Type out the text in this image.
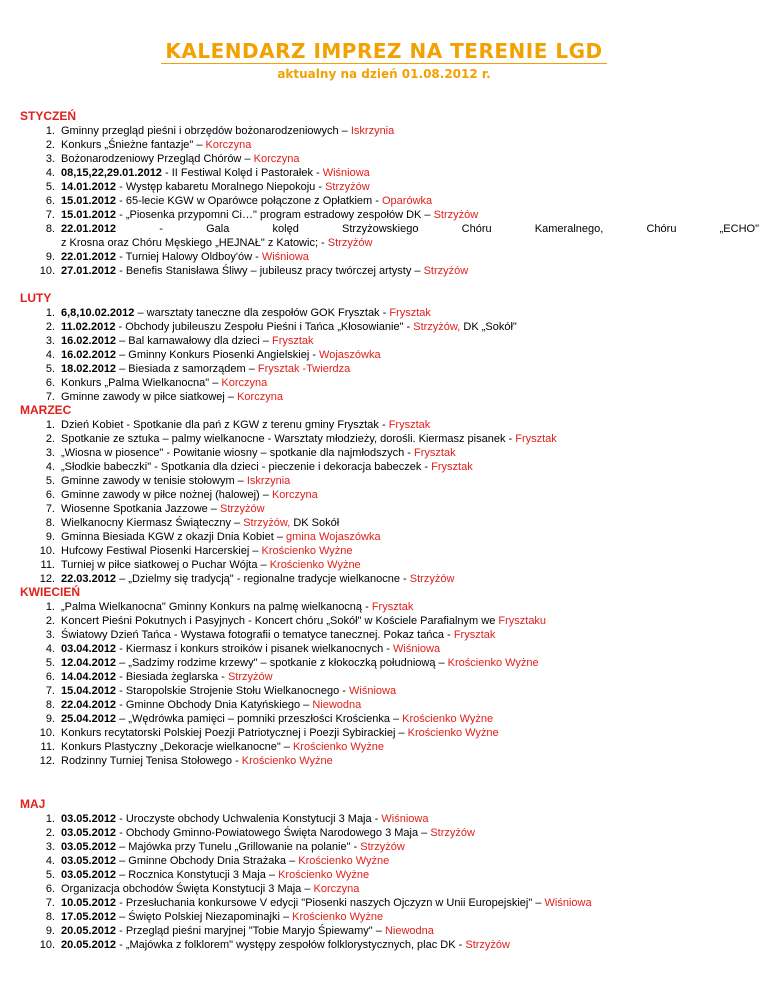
KALENDARZ IMPREZ NA TERENIE LGD
aktualny na dzień 01.08.2012 r.
STYCZEŃ
1. Gminny przegląd pieśni i obrzędów bożonarodzeniowych – Iskrzynia
2. Konkurs „Śnieżne fantazje" – Korczyna
3. Bożonarodzeniowy Przegląd Chórów – Korczyna
4. 08,15,22,29.01.2012 - II Festiwal Kolęd i Pastorałek - Wiśniowa
5. 14.01.2012 - Występ kabaretu Moralnego Niepokoju - Strzyżów
6. 15.01.2012 - 65-lecie KGW w Oparówce połączone z Opłatkiem - Oparówka
7. 15.01.2012 - „Piosenka przypomni Ci…" program estradowy zespołów DK – Strzyżów
8. 22.01.2012	-	Gala	kolęd	Strzyżowskiego	Chóru	Kameralnego,	Chóru	„ECHO"
z Krosna oraz Chóru Męskiego „HEJNAŁ" z Katowic; - Strzyżów
9. 22.01.2012 - Turniej Halowy Oldboy'ów - Wiśniowa
10. 27.01.2012 - Benefis Stanisława Śliwy – jubileusz pracy twórczej artysty – Strzyżów
LUTY
1. 6,8,10.02.2012 – warsztaty taneczne dla zespołów GOK Frysztak - Frysztak
2. 11.02.2012 - Obchody jubileuszu Zespołu Pieśni i Tańca „Kłosowianie" - Strzyżów, DK „Sokół"
3. 16.02.2012 – Bal karnawałowy dla dzieci – Frysztak
4. 16.02.2012 – Gminny Konkurs Piosenki Angielskiej - Wojaszówka
5. 18.02.2012 – Biesiada z samorządem – Frysztak -Twierdza
6. Konkurs „Palma Wielkanocna" – Korczyna
7. Gminne zawody w piłce siatkowej – Korczyna
MARZEC
1. Dzień Kobiet - Spotkanie dla pań z KGW z terenu gminy Frysztak - Frysztak
2. Spotkanie ze sztuka – palmy wielkanocne - Warsztaty młodzieży, dorośli. Kiermasz pisanek - Frysztak
3. „Wiosna w piosence" - Powitanie wiosny – spotkanie dla najmłodszych - Frysztak
4. „Słodkie babeczki" - Spotkania dla dzieci - pieczenie i dekoracja babeczek - Frysztak
5. Gminne zawody w tenisie stołowym – Iskrzynia
6. Gminne zawody w piłce nożnej (halowej) – Korczyna
7. Wiosenne Spotkania Jazzowe – Strzyżów
8. Wielkanocny Kiermasz Świąteczny – Strzyżów, DK Sokół
9. Gminna Biesiada KGW z okazji Dnia Kobiet – gmina Wojaszówka
10. Hufcowy Festiwal Piosenki Harcerskiej – Krościenko Wyżne
11. Turniej w piłce siatkowej o Puchar Wójta – Krościenko Wyżne
12. 22.03.2012 – „Dzielmy się tradycją" - regionalne tradycje wielkanocne - Strzyżów
KWIECIEŃ
1. „Palma Wielkanocna" Gminny Konkurs na palmę wielkanocną - Frysztak
2. Koncert Pieśni Pokutnych i Pasyjnych - Koncert chóru „Sokół" w Kościele Parafialnym we Frysztaku
3. Światowy Dzień Tańca - Wystawa fotografii o tematyce tanecznej. Pokaz tańca - Frysztak
4. 03.04.2012 - Kiermasz i konkurs stroików i pisanek wielkanocnych - Wiśniowa
5. 12.04.2012 – „Sadzimy rodzime krzewy" – spotkanie z kłokoczką południową – Krościenko Wyżne
6. 14.04.2012 - Biesiada żeglarska - Strzyżów
7. 15.04.2012 - Staropolskie Strojenie Stołu Wielkanocnego - Wiśniowa
8. 22.04.2012 - Gminne Obchody Dnia Katyńskiego – Niewodna
9. 25.04.2012 – „Wędrówka pamięci – pomniki przeszłości Krościenka – Krościenko Wyżne
10. Konkurs recytatorski Polskiej Poezji Patriotycznej i Poezji Sybirackiej – Krościenko Wyżne
11. Konkurs Plastyczny „Dekoracje wielkanocne" – Krościenko Wyżne
12. Rodzinny Turniej Tenisa Stołowego - Krościenko Wyżne
MAJ
1. 03.05.2012 - Uroczyste obchody Uchwalenia Konstytucji 3 Maja - Wiśniowa
2. 03.05.2012 - Obchody Gminno-Powiatowego Święta Narodowego 3 Maja – Strzyżów
3. 03.05.2012 – Majówka przy Tunelu „Grillowanie na polanie" - Strzyżów
4. 03.05.2012 – Gminne Obchody Dnia Strażaka – Krościenko Wyżne
5. 03.05.2012 – Rocznica Konstytucji 3 Maja – Krościenko Wyżne
6. Organizacja obchodów Święta Konstytucji 3 Maja – Korczyna
7. 10.05.2012 - Przesłuchania konkursowe V edycji "Piosenki naszych Ojczyzn w Unii Europejskiej" – Wiśniowa
8. 17.05.2012 – Święto Polskiej Niezapominajki – Krościenko Wyżne
9. 20.05.2012 - Przegląd pieśni maryjnej "Tobie Maryjo Śpiewamy" – Niewodna
10. 20.05.2012 - „Majówka z folklorem" występy zespołów folklorystycznych, plac DK - Strzyżów
